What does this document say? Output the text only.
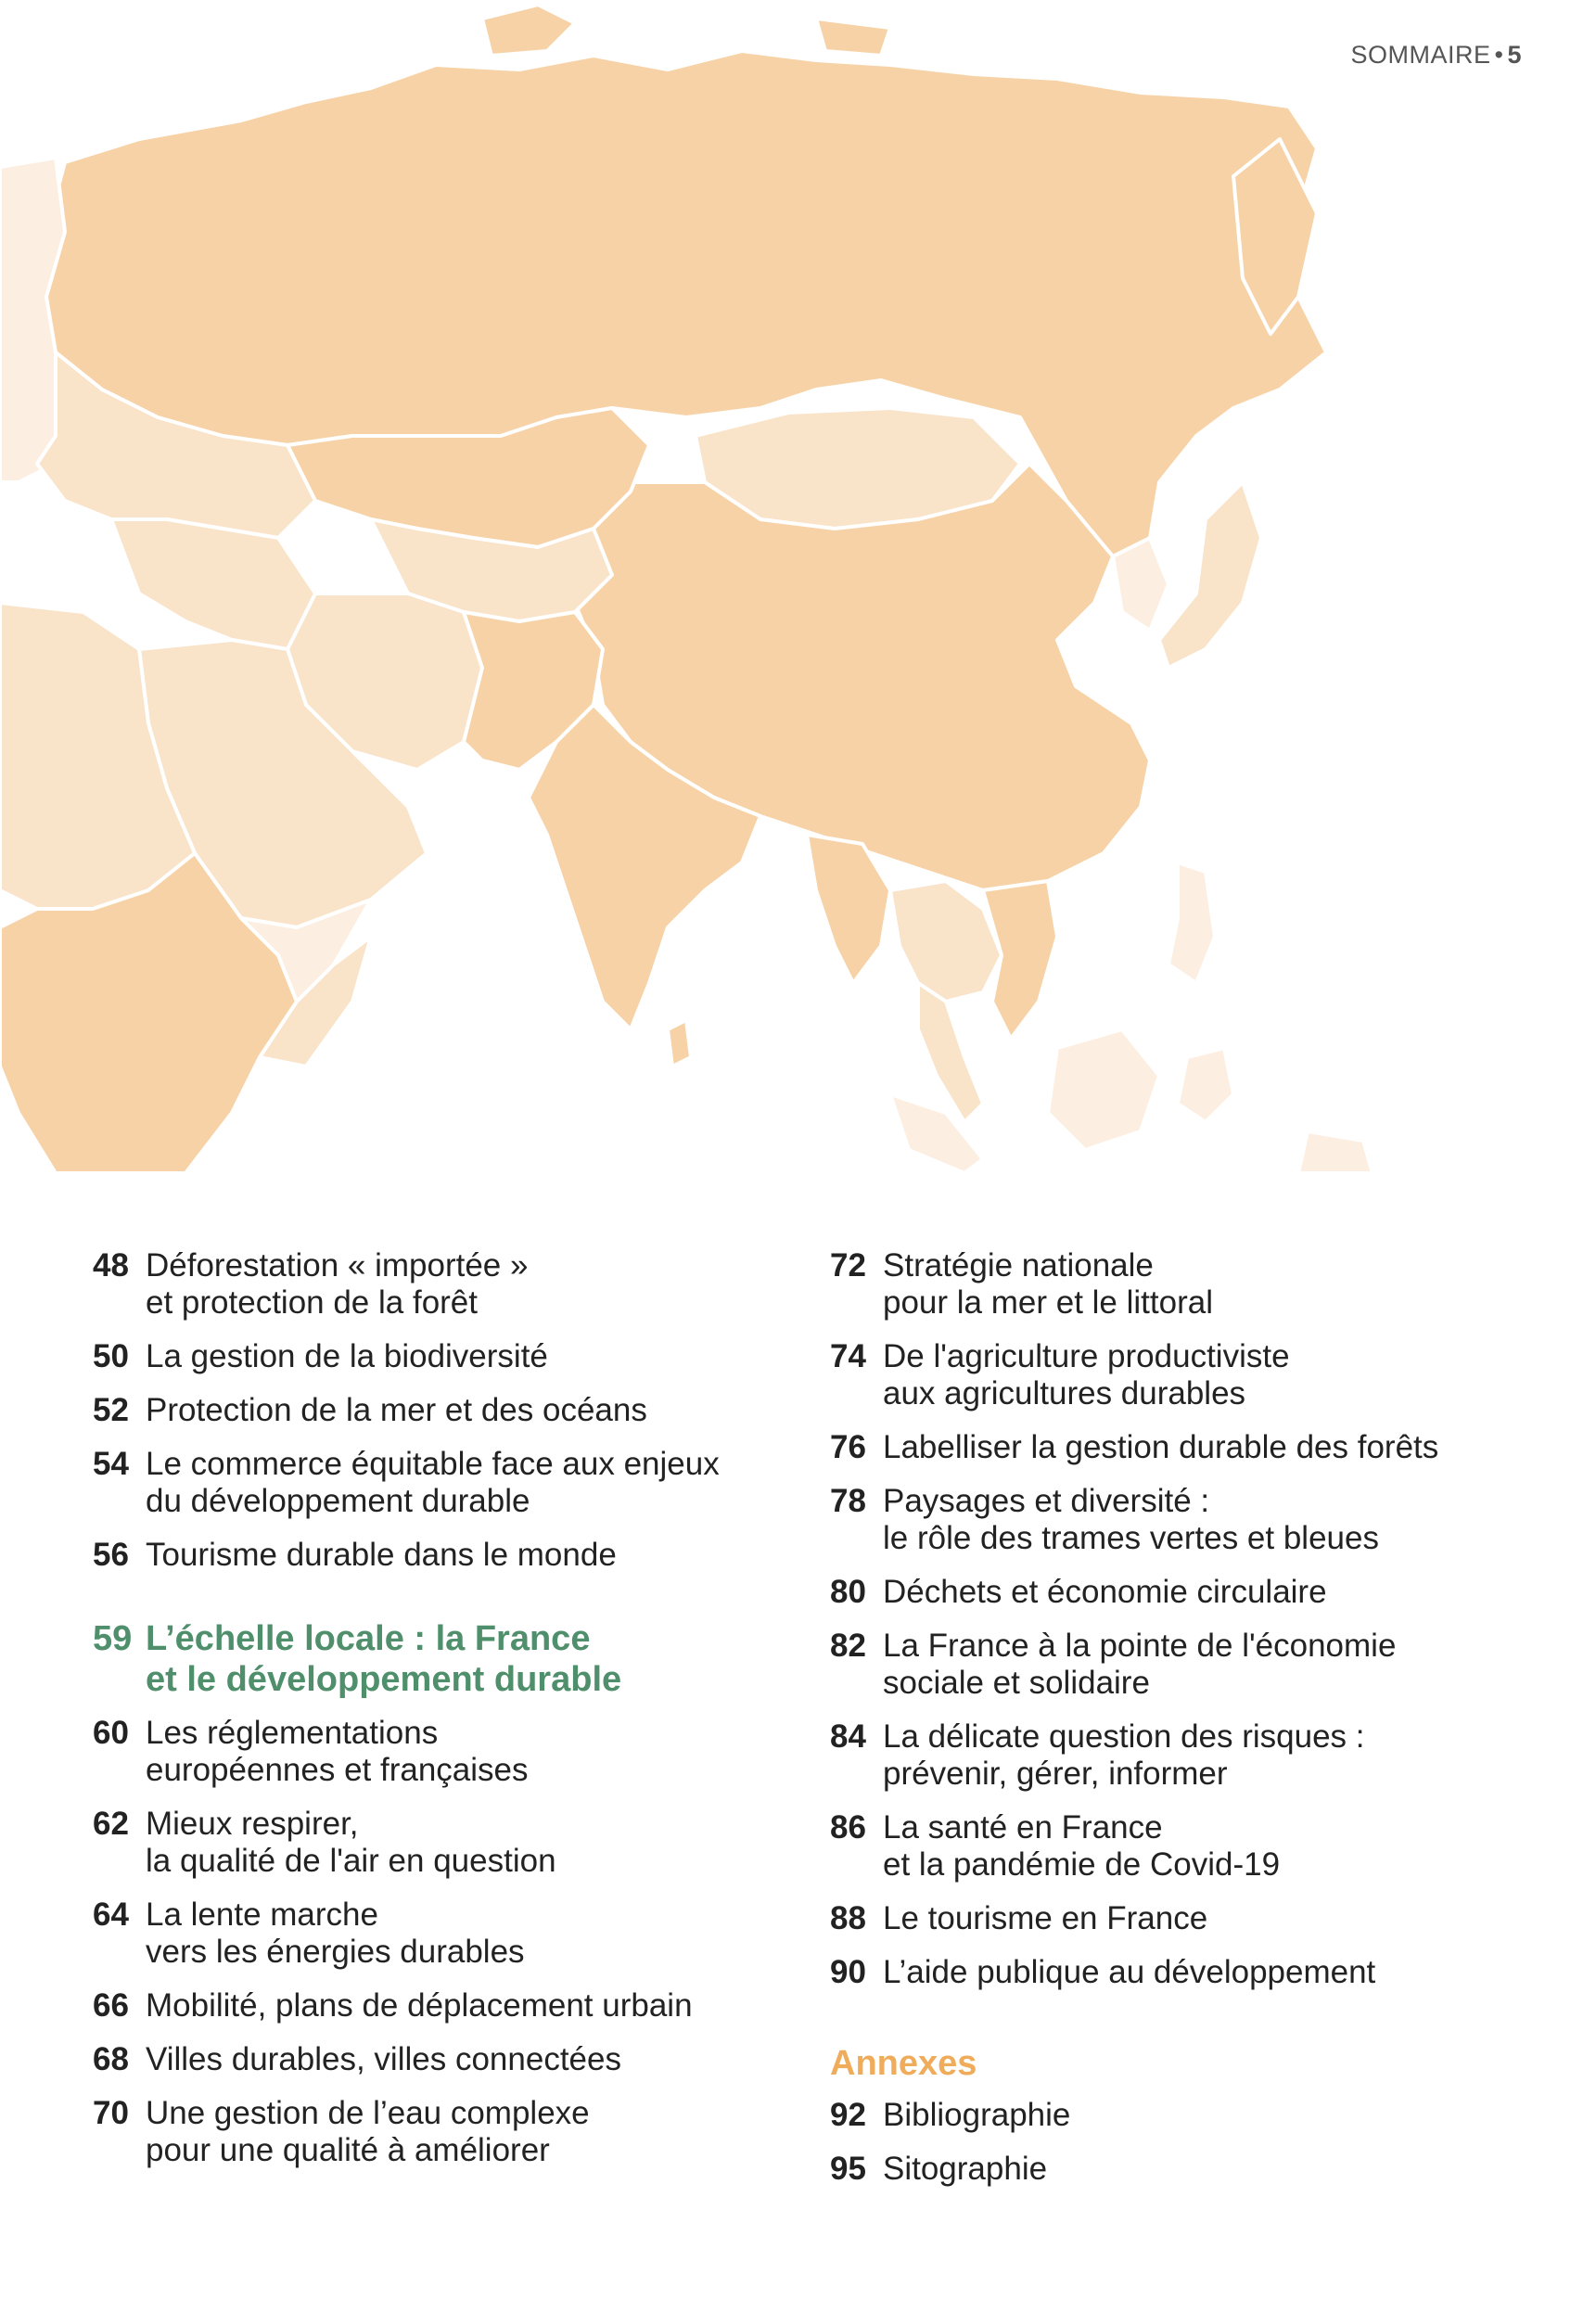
SOMMAIRE • 5
48 Déforestation « importée »
et protection de la forêt
50 La gestion de la biodiversité
52 Protection de la mer et des océans
54 Le commerce équitable face aux enjeux
du développement durable
56 Tourisme durable dans le monde
59 L’échelle locale : la France
et le développement durable
60 Les réglementations
européennes et françaises
62 Mieux respirer,
la qualité de l'air en question
64 La lente marche
vers les énergies durables
66 Mobilité, plans de déplacement urbain
68 Villes durables, villes connectées
70 Une gestion de l’eau complexe
pour une qualité à améliorer
72 Stratégie nationale
pour la mer et le littoral
74 De l'agriculture productiviste
aux agricultures durables
76 Labelliser la gestion durable des forêts
78 Paysages et diversité :
le rôle des trames vertes et bleues
80 Déchets et économie circulaire
82 La France à la pointe de l'économie
sociale et solidaire
84 La délicate question des risques :
prévenir, gérer, informer
86 La santé en France
et la pandémie de Covid-19
88 Le tourisme en France
90 L’aide publique au développement
Annexes
92 Bibliographie
95 Sitographie
